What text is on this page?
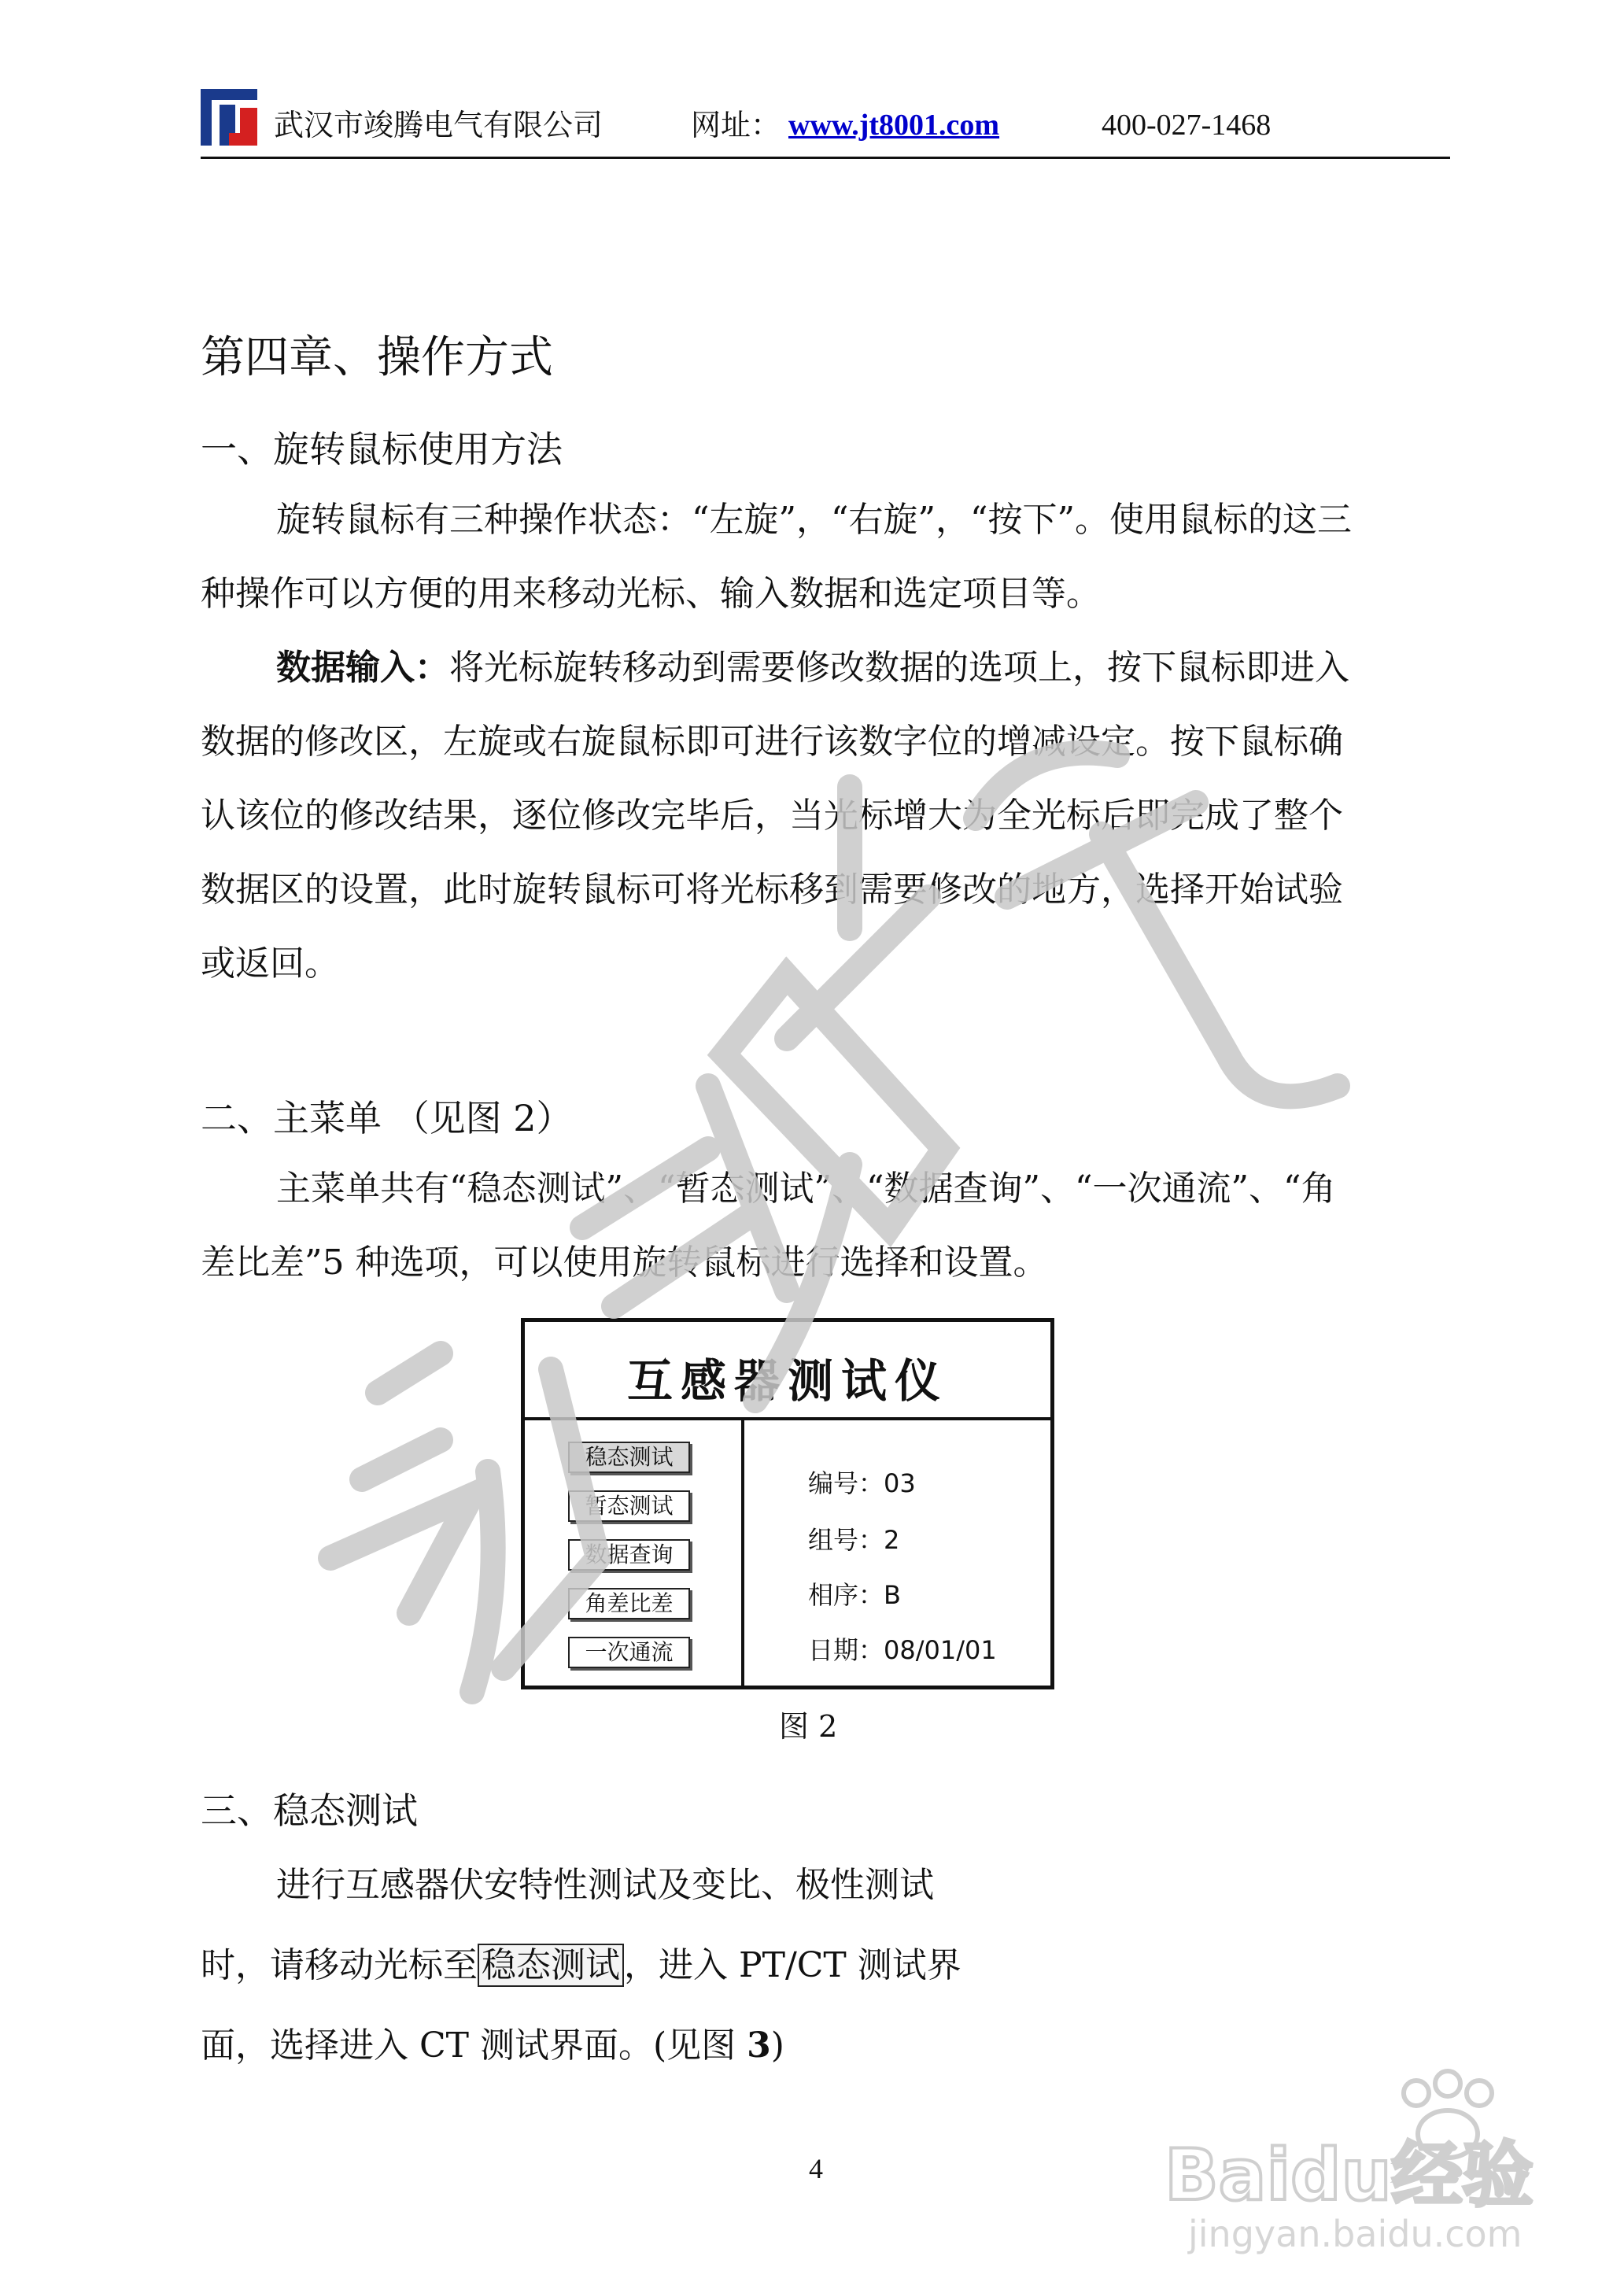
武汉市竣腾电气有限公司	网址： www.jt8001.com	400-027-1468
第四章、操作方式
一、旋转鼠标使用方法
旋转鼠标有三种操作状态：“左旋”，“右旋”，“按下”。使用鼠标的这三
种操作可以方便的用来移动光标、输入数据和选定项目等。
数据输入：将光标旋转移动到需要修改数据的选项上，按下鼠标即进入
数据的修改区，左旋或右旋鼠标即可进行该数字位的增减设定。按下鼠标确
认该位的修改结果，逐位修改完毕后，当光标增大为全光标后即完成了整个
数据区的设置，此时旋转鼠标可将光标移到需要修改的地方，选择开始试验
或返回。
二、主菜单 （见图 2）
主菜单共有“稳态测试”、“暂态测试”、“数据查询”、“一次通流”、“角
差比差”5 种选项，可以使用旋转鼠标进行选择和设置。
互感器测试仪
稳态测试
暂态测试
数据查询
角差比差
一次通流
编号：03
组号：2
相序：B
日期：08/01/01
图 2
三、稳态测试
进行互感器伏安特性测试及变比、极性测试
时，请移动光标至 稳态测试 ，进入 PT/CT 测试界
面，选择进入 CT 测试界面。(见图 3)
4	Baidu经验
jingyan.baidu.com
